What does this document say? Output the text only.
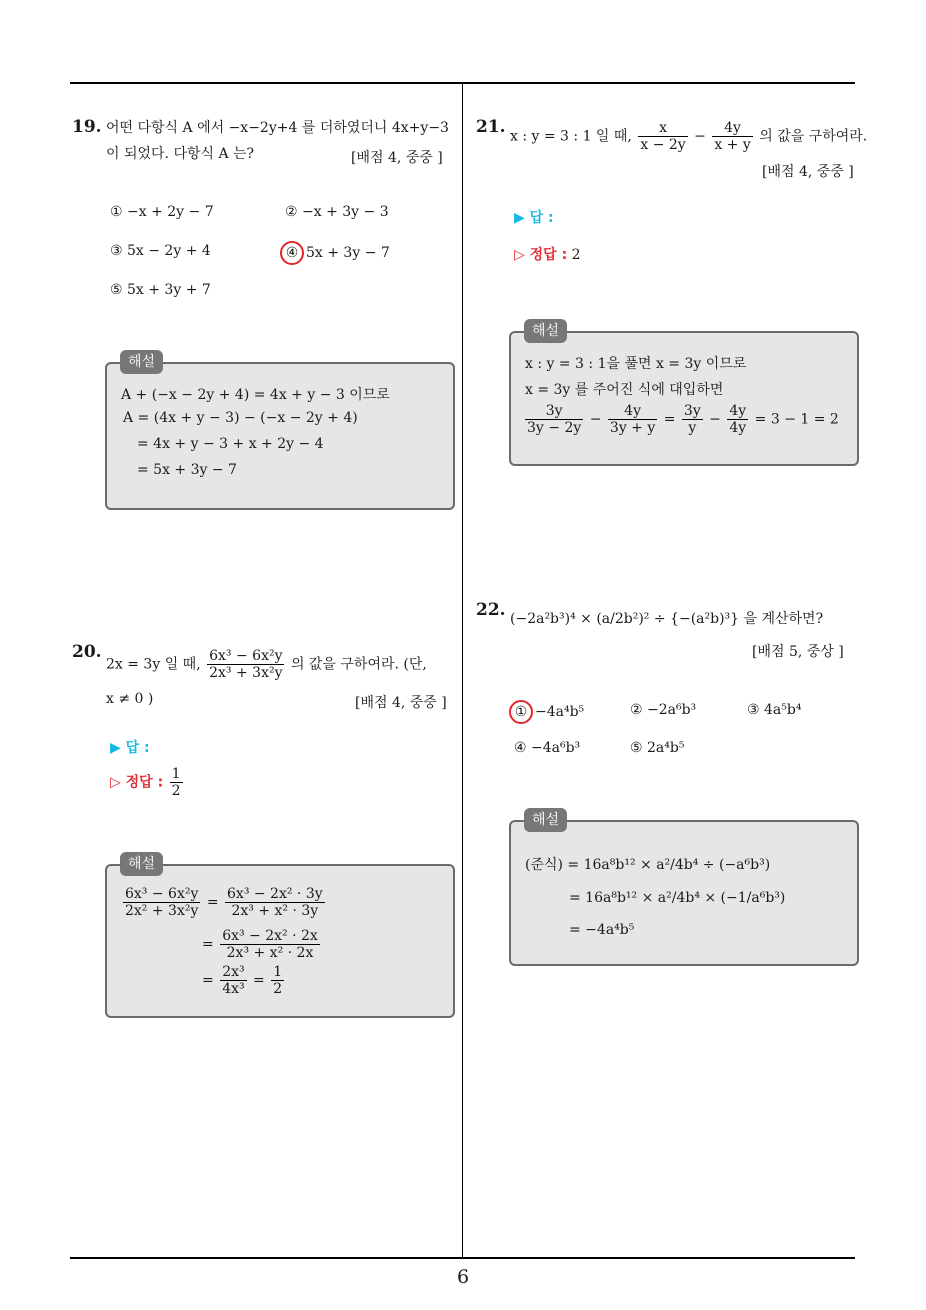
6
19. 어떤 다항식 A 에서 −x−2y+4 를 더하였더니 4x+y−3
이 되었다. 다항식 A 는?	[배점 4, 중중 ]
① −x + 2y − 7	② −x + 3y − 3
③ 5x − 2y + 4	④ 5x + 3y − 7
⑤ 5x + 3y + 7
A + (−x − 2y + 4) = 4x + y − 3 이므로
A = (4x + y − 3) − (−x − 2y + 4)
= 4x + y − 3 + x + 2y − 4
= 5x + 3y − 7
해설
20.
2x = 3y 일 때, $\frac{\text{6x³ − 6x²y}}{\text{2x³ + 3x²y}}$ 의 값을 구하여라. (단,
x ≠ 0 )	[배점 4, 중중 ]
▶ 답 :
▷ 정답 : $\frac{1}{2}$
$\frac{\text{6x³ − 6x²y}}{\text{2x² + 3x²y}} = \frac{\text{6x³ − 2x² · 3y}}{\text{2x³ + x² · 3y}}$
= $\frac{\text{6x³ − 2x² · 2x}}{\text{2x³ + x² · 2x}}$
= $\frac{\text{2x³}}{\text{4x³}} = \frac{1}{2}$
해설
21. x : y = 3 : 1 일 때, $\frac{x}{x - 2y} - \frac{4y}{x + y}$ 의 값을 구하여라.
[배점 4, 중중 ]
▶ 답 :
▷ 정답 : 2
x : y = 3 : 1을 풀면 x = 3y 이므로
x = 3y 를 주어진 식에 대입하면
$\frac{3y}{3y - 2y} - \frac{4y}{3y + y} = \frac{3y}{y} - \frac{4y}{4y} = 3 - 1 = 2$
해설
22. (−2a²b³)⁴ × (a/2b²)² ÷ {−(a²b)³} 을 계산하면?
[배점 5, 중상 ]
① −4a⁴b⁵	② −2a⁶b³	③ 4a⁵b⁴
④ −4a⁶b³	⑤ 2a⁴b⁵
(준식) = 16a⁸b¹² × a²/4b⁴ ÷ (−a⁶b³)
= 16a⁸b¹² × a²/4b⁴ × (−1/a⁶b³)
= −4a⁴b⁵
해설
